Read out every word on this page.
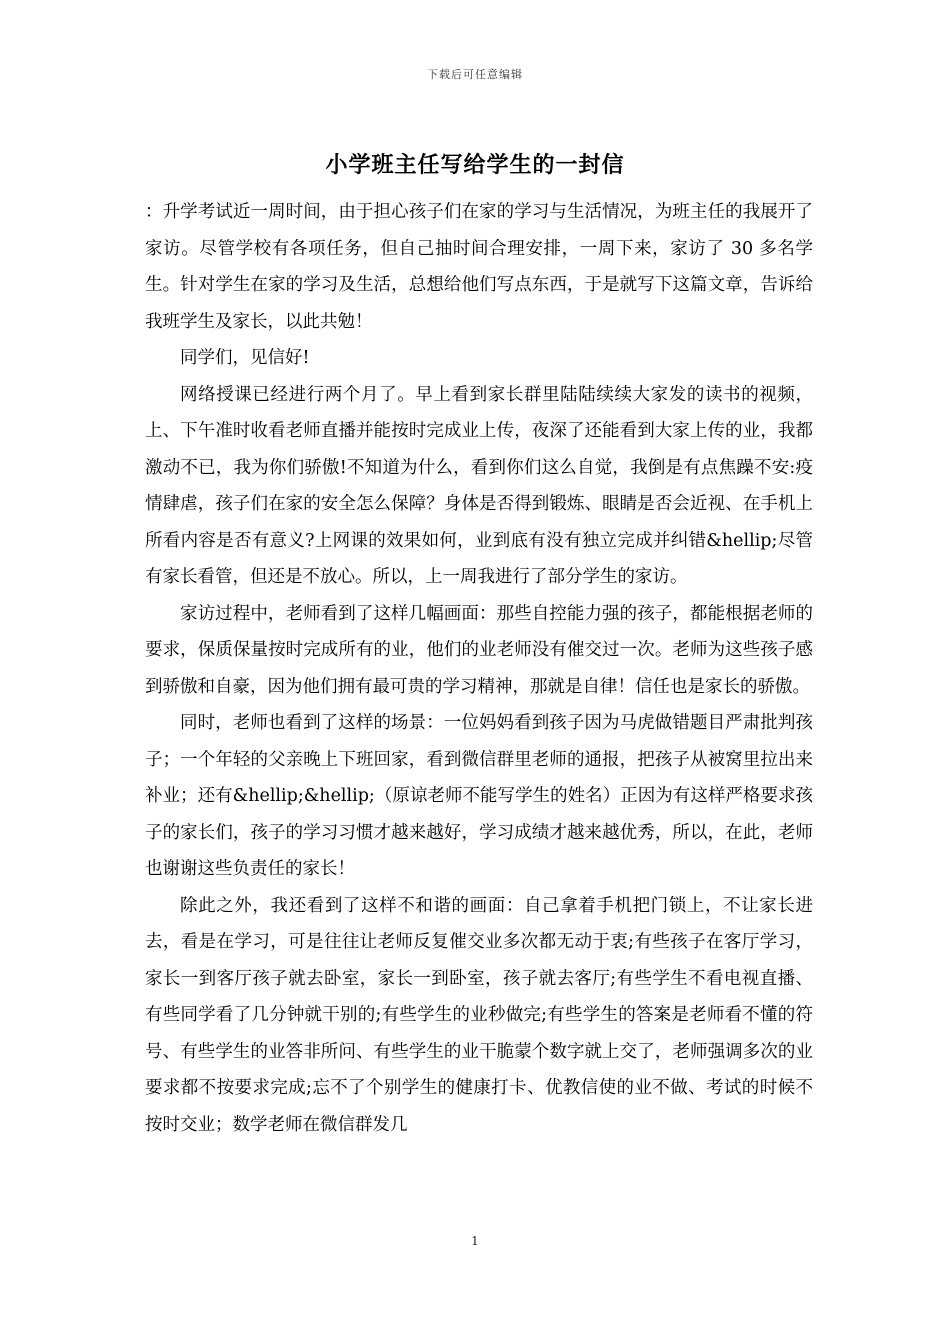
下载后可任意编辑
小学班主任写给学生的一封信

：升学考试近一周时间，由于担心孩子们在家的学习与生活情况，为班主任的我展开了家访。尽管学校有各项任务，但自己抽时间合理安排，一周下来，家访了 30 多名学生。针对学生在家的学习及生活，总想给他们写点东西，于是就写下这篇文章，告诉给我班学生及家长，以此共勉！

同学们，见信好!

网络授课已经进行两个月了。早上看到家长群里陆陆续续大家发的读书的视频，上、下午准时收看老师直播并能按时完成业上传，夜深了还能看到大家上传的业，我都激动不已，我为你们骄傲!不知道为什么，看到你们这么自觉，我倒是有点焦躁不安:疫情肆虐，孩子们在家的安全怎么保障？身体是否得到锻炼、眼睛是否会近视、在手机上所看内容是否有意义?上网课的效果如何，业到底有没有独立完成并纠错&hellip;尽管有家长看管，但还是不放心。所以，上一周我进行了部分学生的家访。

家访过程中，老师看到了这样几幅画面：那些自控能力强的孩子，都能根据老师的要求，保质保量按时完成所有的业，他们的业老师没有催交过一次。老师为这些孩子感到骄傲和自豪，因为他们拥有最可贵的学习精神，那就是自律！信任也是家长的骄傲。

同时，老师也看到了这样的场景：一位妈妈看到孩子因为马虎做错题目严肃批判孩子；一个年轻的父亲晚上下班回家，看到微信群里老师的通报，把孩子从被窝里拉出来补业；还有&hellip;&hellip;（原谅老师不能写学生的姓名）正因为有这样严格要求孩子的家长们，孩子的学习习惯才越来越好，学习成绩才越来越优秀，所以，在此，老师也谢谢这些负责任的家长！

除此之外，我还看到了这样不和谐的画面：自己拿着手机把门锁上，不让家长进去，看是在学习，可是往往让老师反复催交业多次都无动于衷;有些孩子在客厅学习，家长一到客厅孩子就去卧室，家长一到卧室，孩子就去客厅;有些学生不看电视直播、有些同学看了几分钟就干别的;有些学生的业秒做完;有些学生的答案是老师看不懂的符号、有些学生的业答非所问、有些学生的业干脆蒙个数字就上交了，老师强调多次的业要求都不按要求完成;忘不了个别学生的健康打卡、优教信使的业不做、考试的时候不按时交业；数学老师在微信群发几

1
